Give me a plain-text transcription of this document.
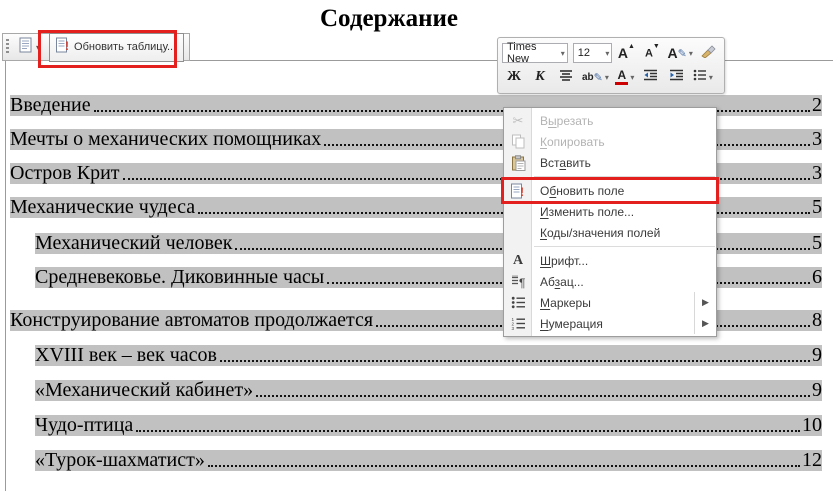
Содержание
Введение	2
Мечты о механических помощниках	3
Остров Крит	3
Механические чудеса	5
Механический человек	5
Средневековье. Диковинные часы	6
Конструирование автоматов продолжается	8
XVIII век – век часов	9
«Механический кабинет»	9
Чудо-птица	10
«Турок-шахматист»	12
▾ ! Обновить таблицу...	Times New	▾ 12 ▾ A▲
A▼ A ✎ ▾
Ж К	ab ✎ ▾ А ▾	▾
✂	Вырезать
Копировать
Вставить
!	Обновить поле
Изменить поле...
Коды/значения полей
A	Шрифт...
¶	Абзац...
Маркеры	▶
1
2
3	Нумерация	▶
